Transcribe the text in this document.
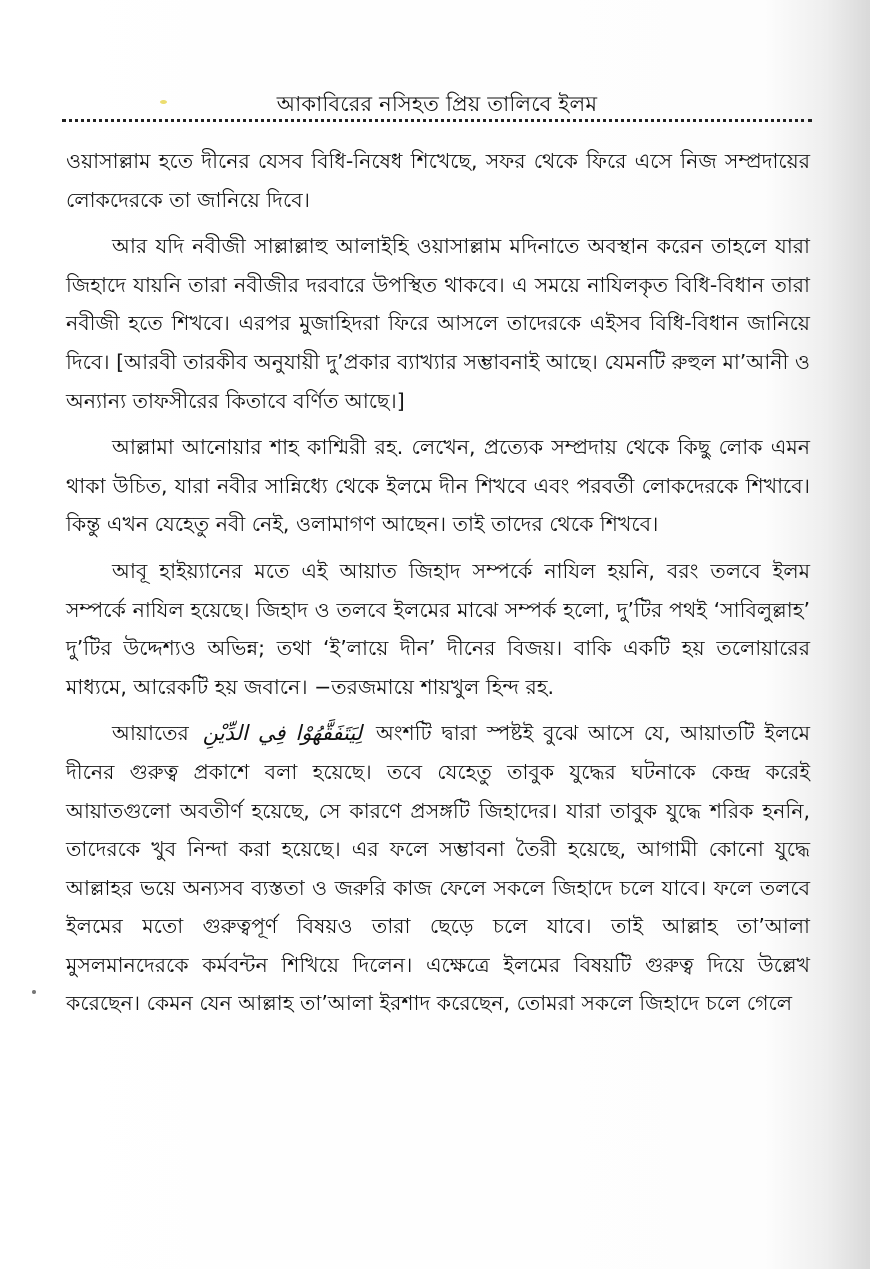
আকাবিরের নসিহত প্রিয় তালিবে ইলম

ওয়াসাল্লাম হতে দীনের যেসব বিধি-নিষেধ শিখেছে, সফর থেকে ফিরে এসে নিজ সম্প্রদায়ের লোকদেরকে তা জানিয়ে দিবে।

আর যদি নবীজী সাল্লাল্লাহু আলাইহি ওয়াসাল্লাম মদিনাতে অবস্থান করেন তাহলে যারা জিহাদে যায়নি তারা নবীজীর দরবারে উপস্থিত থাকবে। এ সময়ে নাযিলকৃত বিধি-বিধান তারা নবীজী হতে শিখবে। এরপর মুজাহিদরা ফিরে আসলে তাদেরকে এইসব বিধি-বিধান জানিয়ে দিবে। [আরবী তারকীব অনুযায়ী দু’প্রকার ব্যাখ্যার সম্ভাবনাই আছে। যেমনটি রুহুল মা’আনী ও অন্যান্য তাফসীরের কিতাবে বর্ণিত আছে।]

আল্লামা আনোয়ার শাহ কাশ্মিরী রহ. লেখেন, প্রত্যেক সম্প্রদায় থেকে কিছু লোক এমন থাকা উচিত, যারা নবীর সান্নিধ্যে থেকে ইলমে দীন শিখবে এবং পরবর্তী লোকদেরকে শিখাবে। কিন্তু এখন যেহেতু নবী নেই, ওলামাগণ আছেন। তাই তাদের থেকে শিখবে।

আবূ হাইয়্যানের মতে এই আয়াত জিহাদ সম্পর্কে নাযিল হয়নি, বরং তলবে ইলম সম্পর্কে নাযিল হয়েছে। জিহাদ ও তলবে ইলমের মাঝে সম্পর্ক হলো, দু’টির পথই ‘সাবিলুল্লাহ’ দু’টির উদ্দেশ্যও অভিন্ন; তথা ‘ই’লায়ে দীন’ দীনের বিজয়। বাকি একটি হয় তলোয়ারের মাধ্যমে, আরেকটি হয় জবানে। −তরজমায়ে শায়খুল হিন্দ রহ.

আয়াতের لِيَتَفَقَّهُوْا فِي الدِّيْنِ অংশটি দ্বারা স্পষ্টই বুঝে আসে যে, আয়াতটি ইলমে দীনের গুরুত্ব প্রকাশে বলা হয়েছে। তবে যেহেতু তাবুক যুদ্ধের ঘটনাকে কেন্দ্র করেই আয়াতগুলো অবতীর্ণ হয়েছে, সে কারণে প্রসঙ্গটি জিহাদের। যারা তাবুক যুদ্ধে শরিক হননি, তাদেরকে খুব নিন্দা করা হয়েছে। এর ফলে সম্ভাবনা তৈরী হয়েছে, আগামী কোনো যুদ্ধে আল্লাহর ভয়ে অন্যসব ব্যস্ততা ও জরুরি কাজ ফেলে সকলে জিহাদে চলে যাবে। ফলে তলবে ইলমের মতো গুরুত্বপূর্ণ বিষয়ও তারা ছেড়ে চলে যাবে। তাই আল্লাহ তা’আলা মুসলমানদেরকে কর্মবন্টন শিখিয়ে দিলেন। এক্ষেত্রে ইলমের বিষয়টি গুরুত্ব দিয়ে উল্লেখ করেছেন। কেমন যেন আল্লাহ তা’আলা ইরশাদ করেছেন, তোমরা সকলে জিহাদে চলে গেলে
